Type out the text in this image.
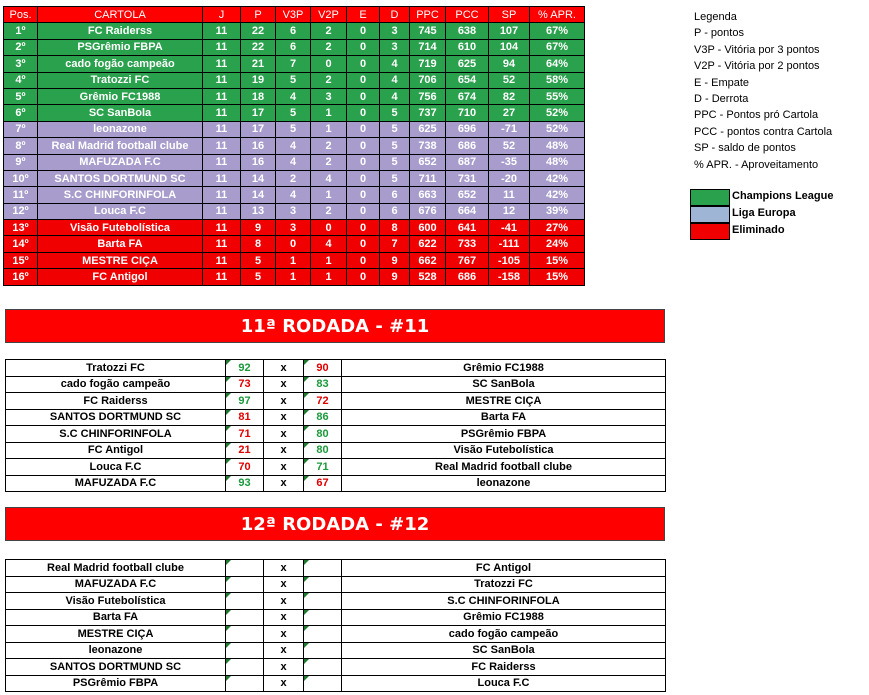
Pos.	CARTOLA	J	P	V3P	V2P	E	D	PPC	PCC	SP	% APR.
1º	FC Raiderss	11	22	6	2	0	3	745	638	107	67%
2º	PSGrêmio FBPA	11	22	6	2	0	3	714	610	104	67%
3º	cado fogão campeão	11	21	7	0	0	4	719	625	94	64%
4º	Tratozzi FC	11	19	5	2	0	4	706	654	52	58%
5º	Grêmio FC1988	11	18	4	3	0	4	756	674	82	55%
6º	SC SanBola	11	17	5	1	0	5	737	710	27	52%
7º	leonazone	11	17	5	1	0	5	625	696	-71	52%
8º	Real Madrid football clube	11	16	4	2	0	5	738	686	52	48%
9º	MAFUZADA F.C	11	16	4	2	0	5	652	687	-35	48%
10º	SANTOS DORTMUND SC	11	14	2	4	0	5	711	731	-20	42%
11º	S.C CHINFORINFOLA	11	14	4	1	0	6	663	652	11	42%
12º	Louca F.C	11	13	3	2	0	6	676	664	12	39%
13º	Visão Futebolística	11	9	3	0	0	8	600	641	-41	27%
14º	Barta FA	11	8	0	4	0	7	622	733	-111	24%
15º	MESTRE CIÇA	11	5	1	1	0	9	662	767	-105	15%
16º	FC Antigol	11	5	1	1	0	9	528	686	-158	15%
Legenda
P - pontos
V3P - Vitória por 3 pontos
V2P - Vitória por 2 pontos
E - Empate
D - Derrota
PPC - Pontos pró Cartola
PCC - pontos contra Cartola
SP - saldo de pontos
% APR. - Aproveitamento
Champions League
Liga Europa
Eliminado
11ª RODADA - #11
Tratozzi FC	92	x	90	Grêmio FC1988
cado fogão campeão	73	x	83	SC SanBola
FC Raiderss	97	x	72	MESTRE CIÇA
SANTOS DORTMUND SC	81	x	86	Barta FA
S.C CHINFORINFOLA	71	x	80	PSGrêmio FBPA
FC Antigol	21	x	80	Visão Futebolística
Louca F.C	70	x	71	Real Madrid football clube
MAFUZADA F.C	93	x	67	leonazone
12ª RODADA - #12
Real Madrid football clube		x		FC Antigol
MAFUZADA F.C		x		Tratozzi FC
Visão Futebolística		x		S.C CHINFORINFOLA
Barta FA		x		Grêmio FC1988
MESTRE CIÇA		x		cado fogão campeão
leonazone		x		SC SanBola
SANTOS DORTMUND SC		x		FC Raiderss
PSGrêmio FBPA		x		Louca F.C
